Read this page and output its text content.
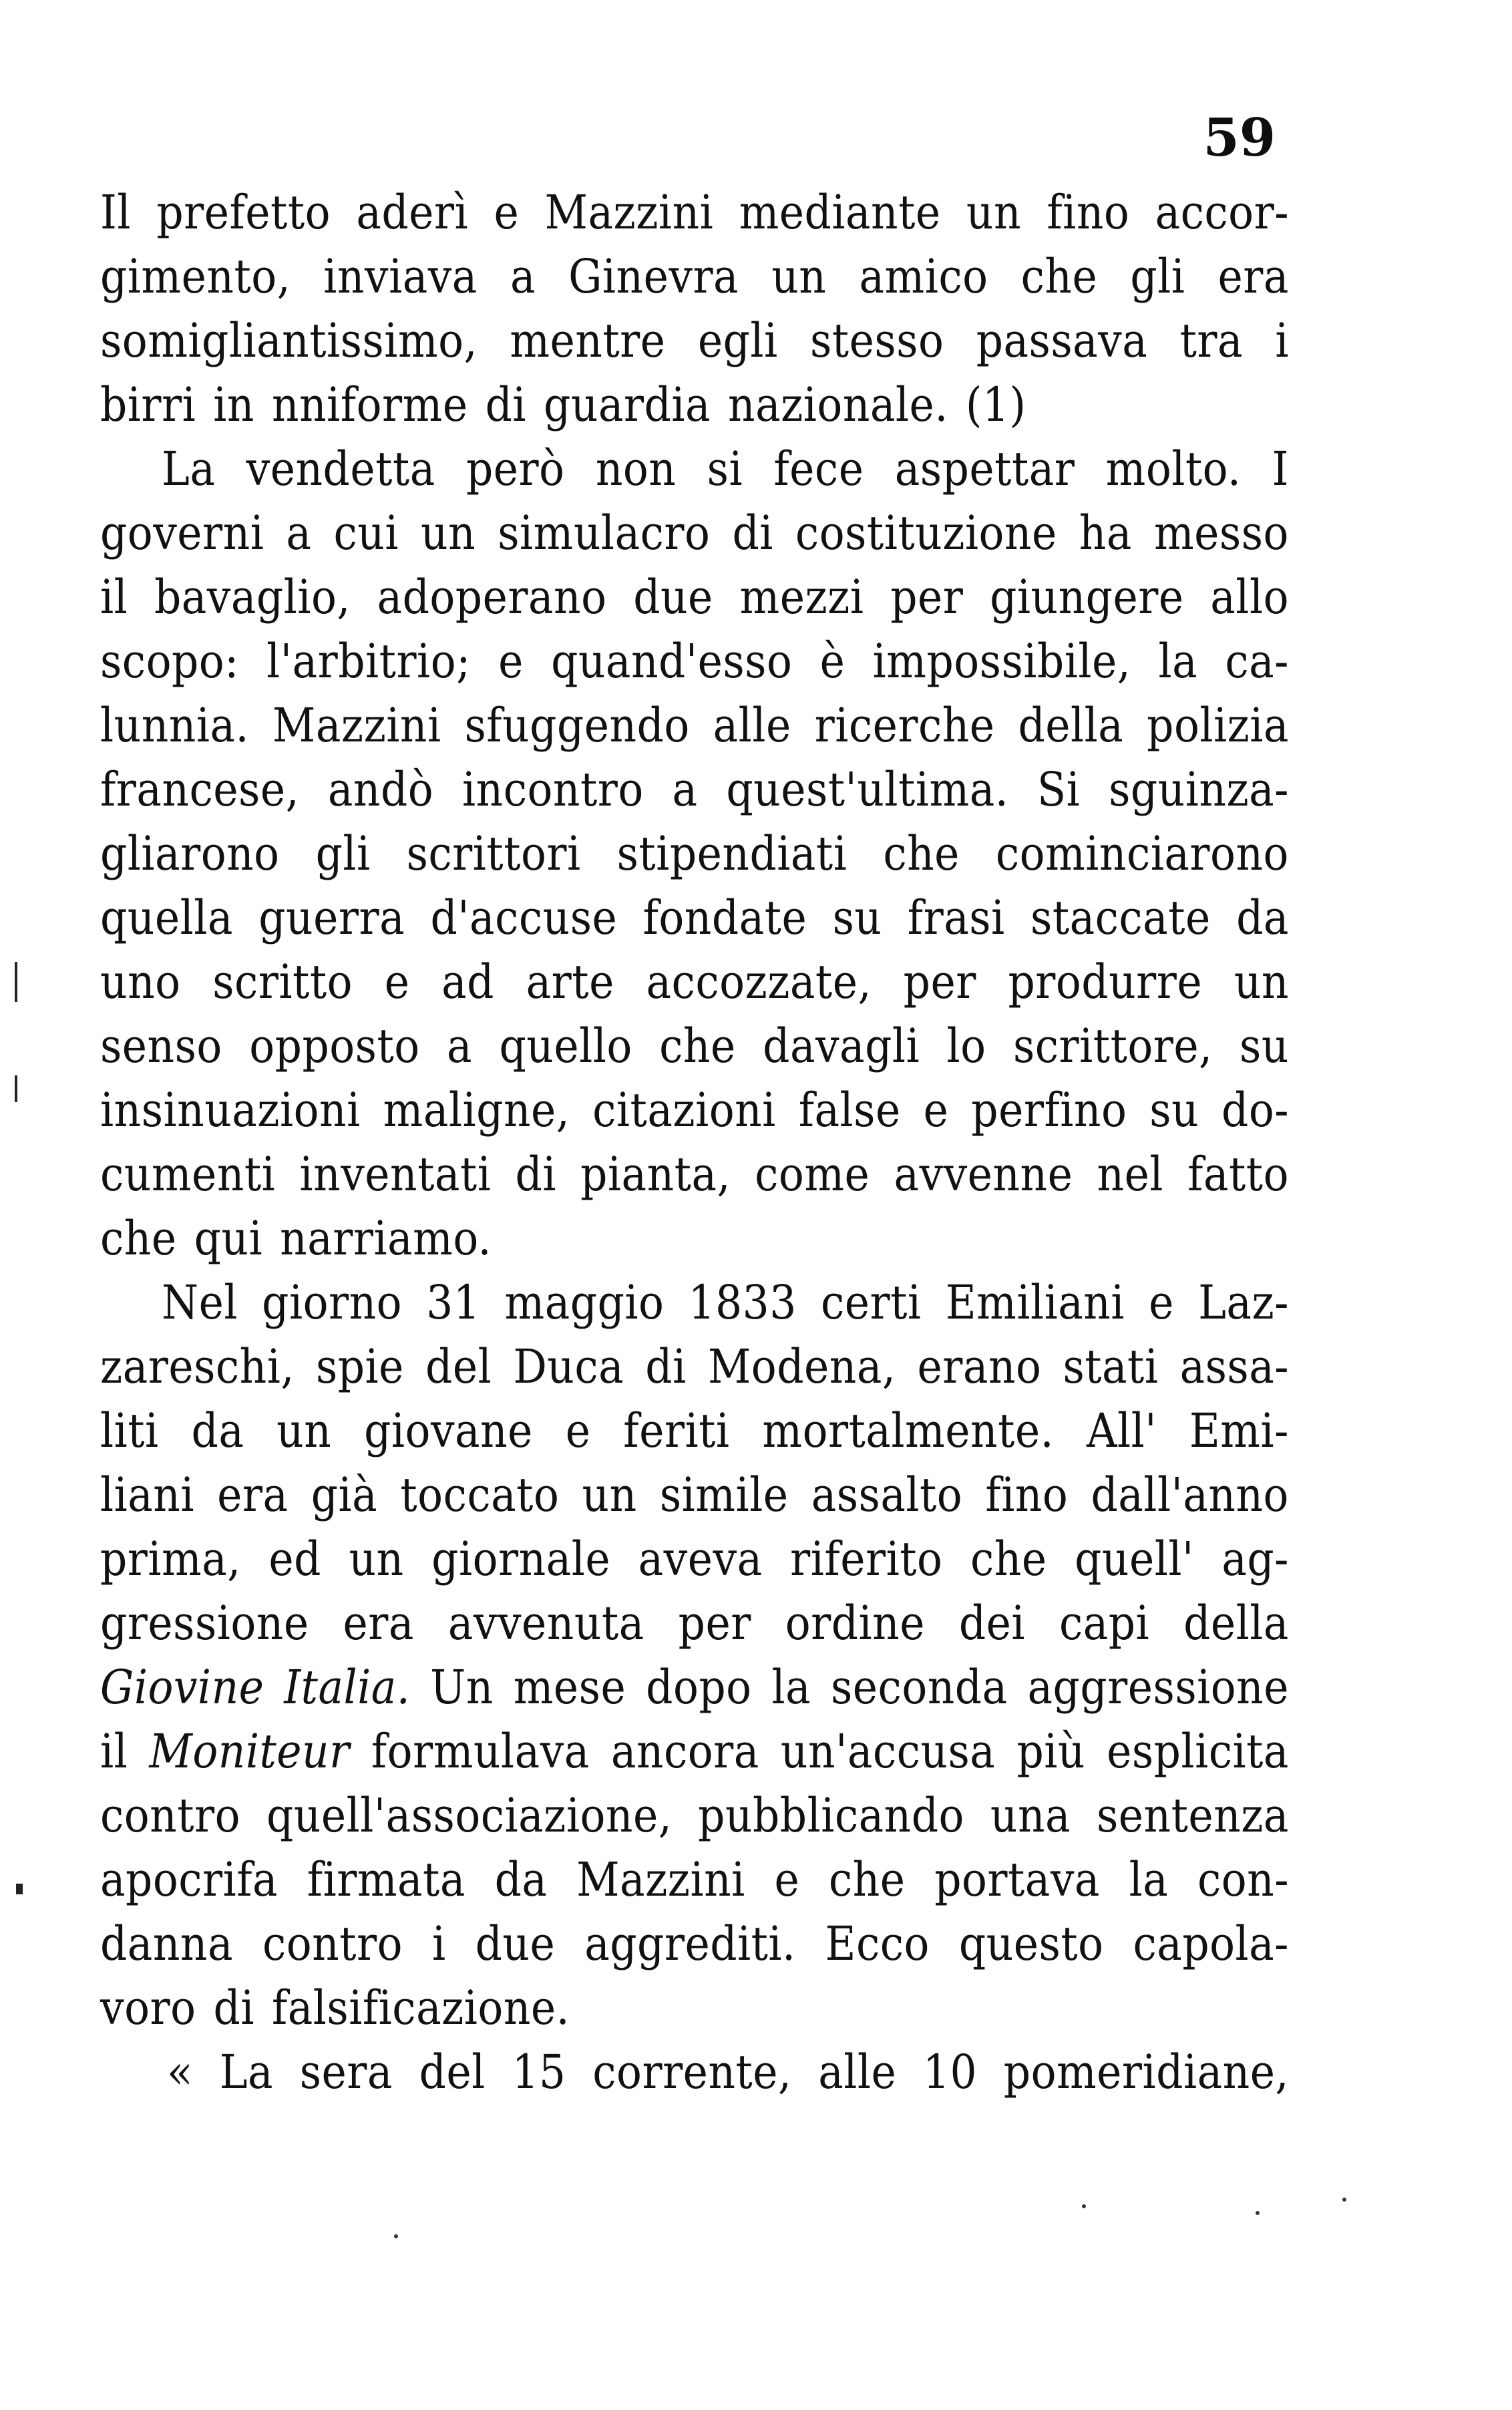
59
Il prefetto aderì e Mazzini mediante un fino accor-
gimento, inviava a Ginevra un amico che gli era
somigliantissimo, mentre egli stesso passava tra i
birri in nniforme di guardia nazionale. (1)
La vendetta però non si fece aspettar molto. I
governi a cui un simulacro di costituzione ha messo
il bavaglio, adoperano due mezzi per giungere allo
scopo: l'arbitrio; e quand'esso è impossibile, la ca-
lunnia. Mazzini sfuggendo alle ricerche della polizia
francese, andò incontro a quest'ultima. Si sguinza-
gliarono gli scrittori stipendiati che cominciarono
quella guerra d'accuse fondate su frasi staccate da
uno scritto e ad arte accozzate, per produrre un
senso opposto a quello che davagli lo scrittore, su
insinuazioni maligne, citazioni false e perfino su do-
cumenti inventati di pianta, come avvenne nel fatto
che qui narriamo.
Nel giorno 31 maggio 1833 certi Emiliani e Laz-
zareschi, spie del Duca di Modena, erano stati assa-
liti da un giovane e feriti mortalmente. All' Emi-
liani era già toccato un simile assalto fino dall'anno
prima, ed un giornale aveva riferito che quell' ag-
gressione era avvenuta per ordine dei capi della
Giovine Italia. Un mese dopo la seconda aggressione
il Moniteur formulava ancora un'accusa più esplicita
contro quell'associazione, pubblicando una sentenza
apocrifa firmata da Mazzini e che portava la con-
danna contro i due aggrediti. Ecco questo capola-
voro di falsificazione.
« La sera del 15 corrente, alle 10 pomeridiane,
